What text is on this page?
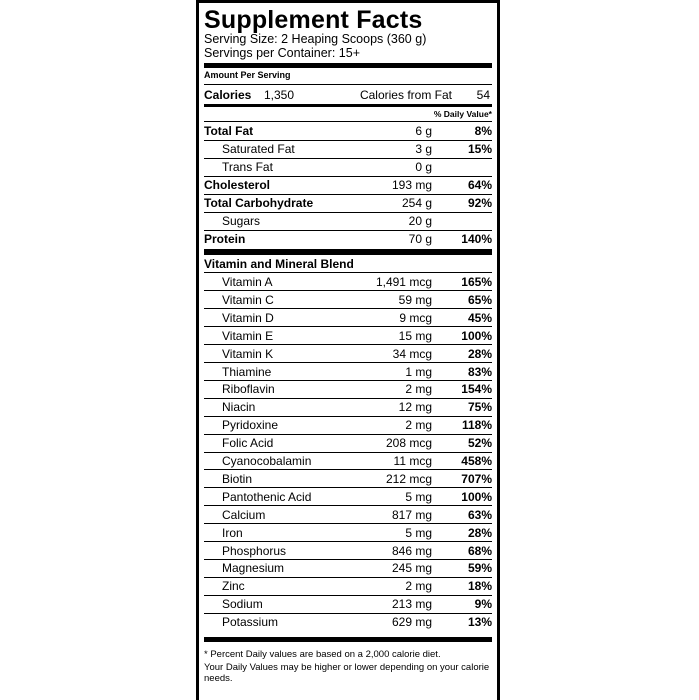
Supplement Facts
Serving Size: 2 Heaping Scoops (360 g)
Servings per Container: 15+
Amount Per Serving
Calories 1,350	Calories from Fat 54
% Daily Value*
Total Fat	6 g	8%
Saturated Fat	3 g	15%
Trans Fat	0 g
Cholesterol	193 mg	64%
Total Carbohydrate	254 g	92%
Sugars	20 g
Protein	70 g 140%
Vitamin and Mineral Blend
Vitamin A	1,491 mcg 165%
Vitamin C	59 mg	65%
Vitamin D	9 mcg	45%
Vitamin E	15 mg 100%
Vitamin K	34 mcg	28%
Thiamine	1 mg	83%
Riboflavin	2 mg 154%
Niacin	12 mg	75%
Pyridoxine	2 mg 118%
Folic Acid	208 mcg	52%
Cyanocobalamin	11 mcg 458%
Biotin	212 mcg 707%
Pantothenic Acid	5 mg 100%
Calcium	817 mg	63%
Iron	5 mg	28%
Phosphorus	846 mg	68%
Magnesium	245 mg	59%
Zinc	2 mg	18%
Sodium	213 mg	9%
Potassium	629 mg	13%
* Percent Daily values are based on a 2,000 calorie diet.
Your Daily Values may be higher or lower depending on your calorie needs.
